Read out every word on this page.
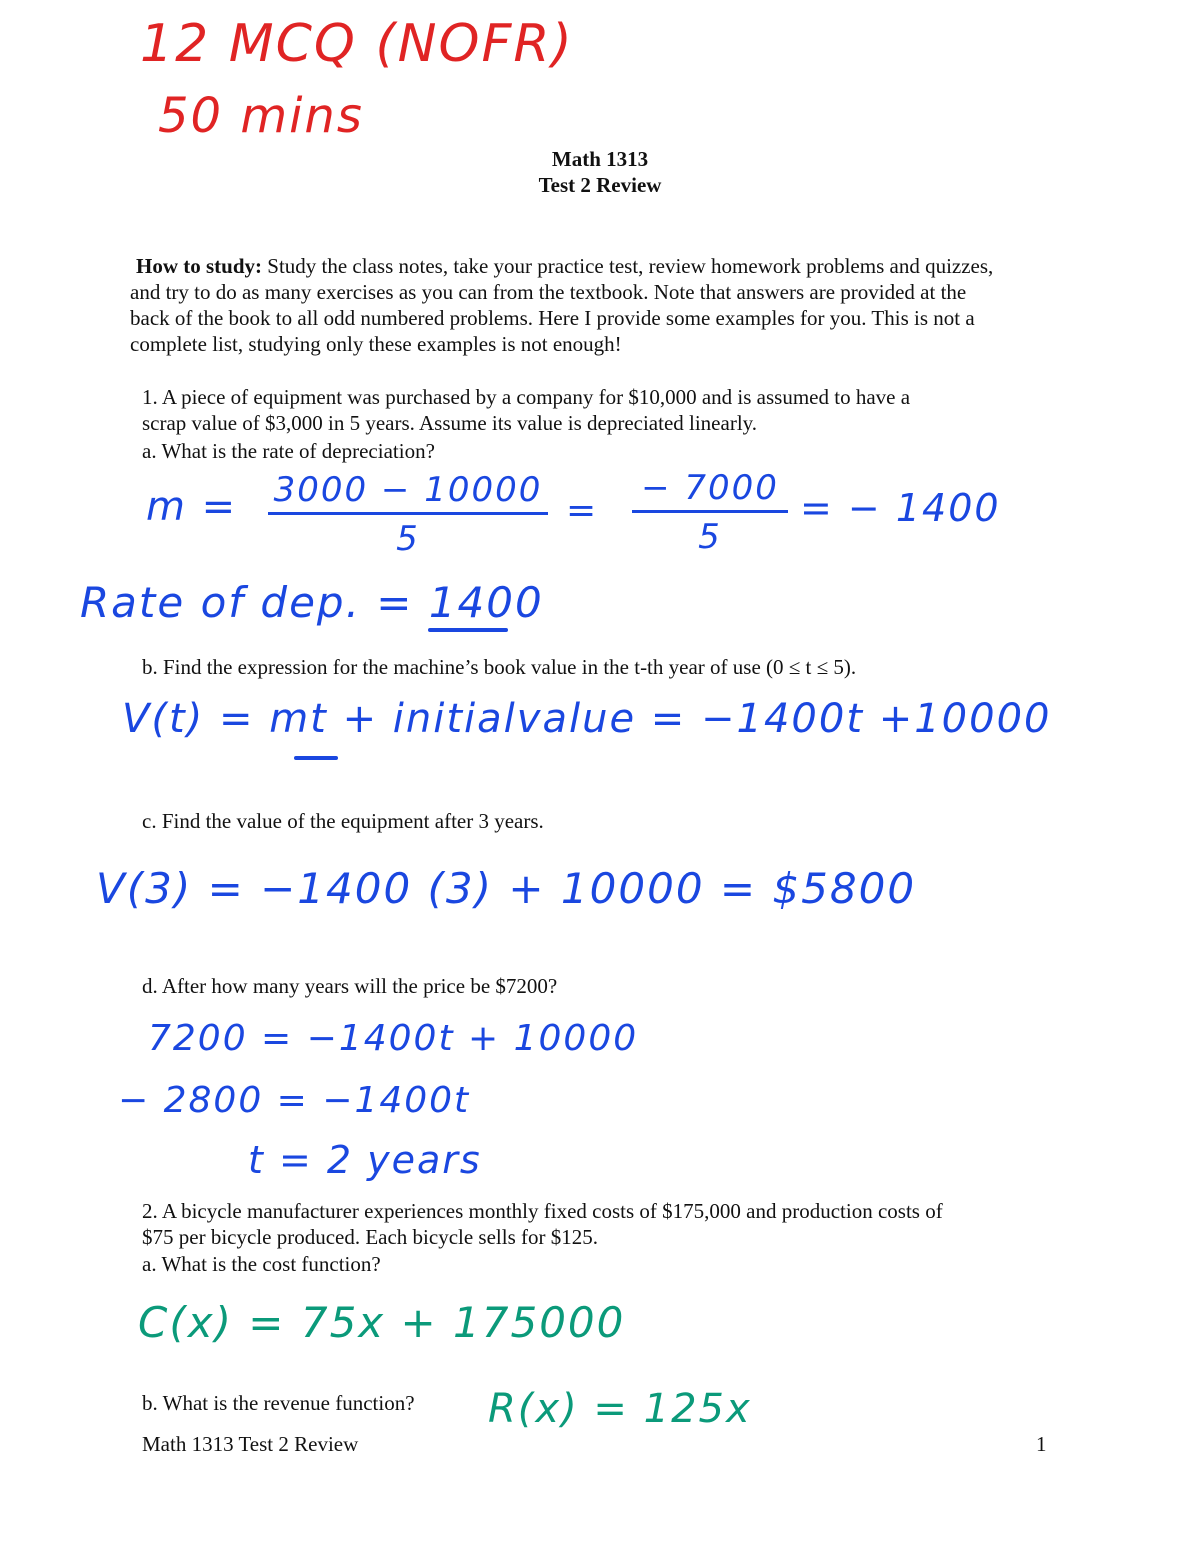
12 MCQ (NOFR)
50 mins
Math 1313
Test 2 Review
How to study: Study the class notes, take your practice test, review homework problems and quizzes,
and try to do as many exercises as you can from the textbook. Note that answers are provided at the
back of the book to all odd numbered problems. Here I provide some examples for you. This is not a
complete list, studying only these examples is not enough!
1. A piece of equipment was purchased by a company for $10,000 and is assumed to have a
scrap value of $3,000 in 5 years. Assume its value is depreciated linearly.
a. What is the rate of depreciation?
m = 3000 − 10000
5
=
− 7000
5
= − 1400
Rate of dep. = 1400
b. Find the expression for the machine’s book value in the t-th year of use (0 ≤ t ≤ 5).
V(t) = mt + initialvalue = −1400t +10000
c. Find the value of the equipment after 3 years.
V(3) = −1400 (3) + 10000 = $5800
d. After how many years will the price be $7200?
7200 = −1400t + 10000
− 2800 = −1400t
t = 2 years
2. A bicycle manufacturer experiences monthly fixed costs of $175,000 and production costs of
$75 per bicycle produced. Each bicycle sells for $125.
a. What is the cost function?
C(x) = 75x + 175000
b. What is the revenue function? R(x) = 125x
Math 1313 Test 2 Review	1
